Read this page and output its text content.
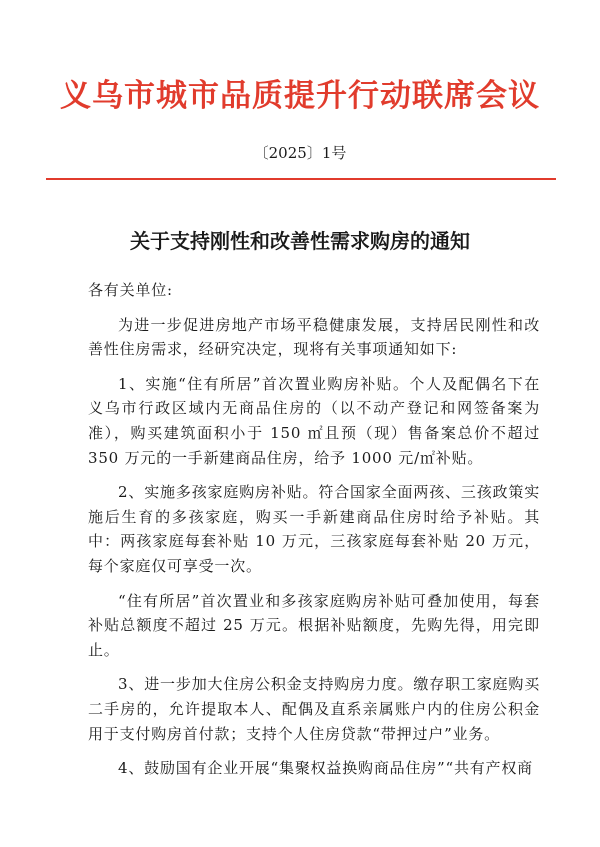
义乌市城市品质提升行动联席会议
〔2025〕1号
关于支持刚性和改善性需求购房的通知

各有关单位:

为进一步促进房地产市场平稳健康发展，支持居民刚性和改善性住房需求，经研究决定，现将有关事项通知如下:

1、实施“住有所居”首次置业购房补贴。个人及配偶名下在义乌市行政区域内无商品住房的（以不动产登记和网签备案为准），购买建筑面积小于 150 ㎡且预（现）售备案总价不超过 350 万元的一手新建商品住房，给予 1000 元/㎡补贴。

2、实施多孩家庭购房补贴。符合国家全面两孩、三孩政策实施后生育的多孩家庭，购买一手新建商品住房时给予补贴。其中：两孩家庭每套补贴 10 万元，三孩家庭每套补贴 20 万元，每个家庭仅可享受一次。

“住有所居”首次置业和多孩家庭购房补贴可叠加使用，每套补贴总额度不超过 25 万元。根据补贴额度，先购先得，用完即止。

3、进一步加大住房公积金支持购房力度。缴存职工家庭购买二手房的，允许提取本人、配偶及直系亲属账户内的住房公积金用于支付购房首付款；支持个人住房贷款“带押过户”业务。

4、鼓励国有企业开展“集聚权益换购商品住房”“共有产权商
